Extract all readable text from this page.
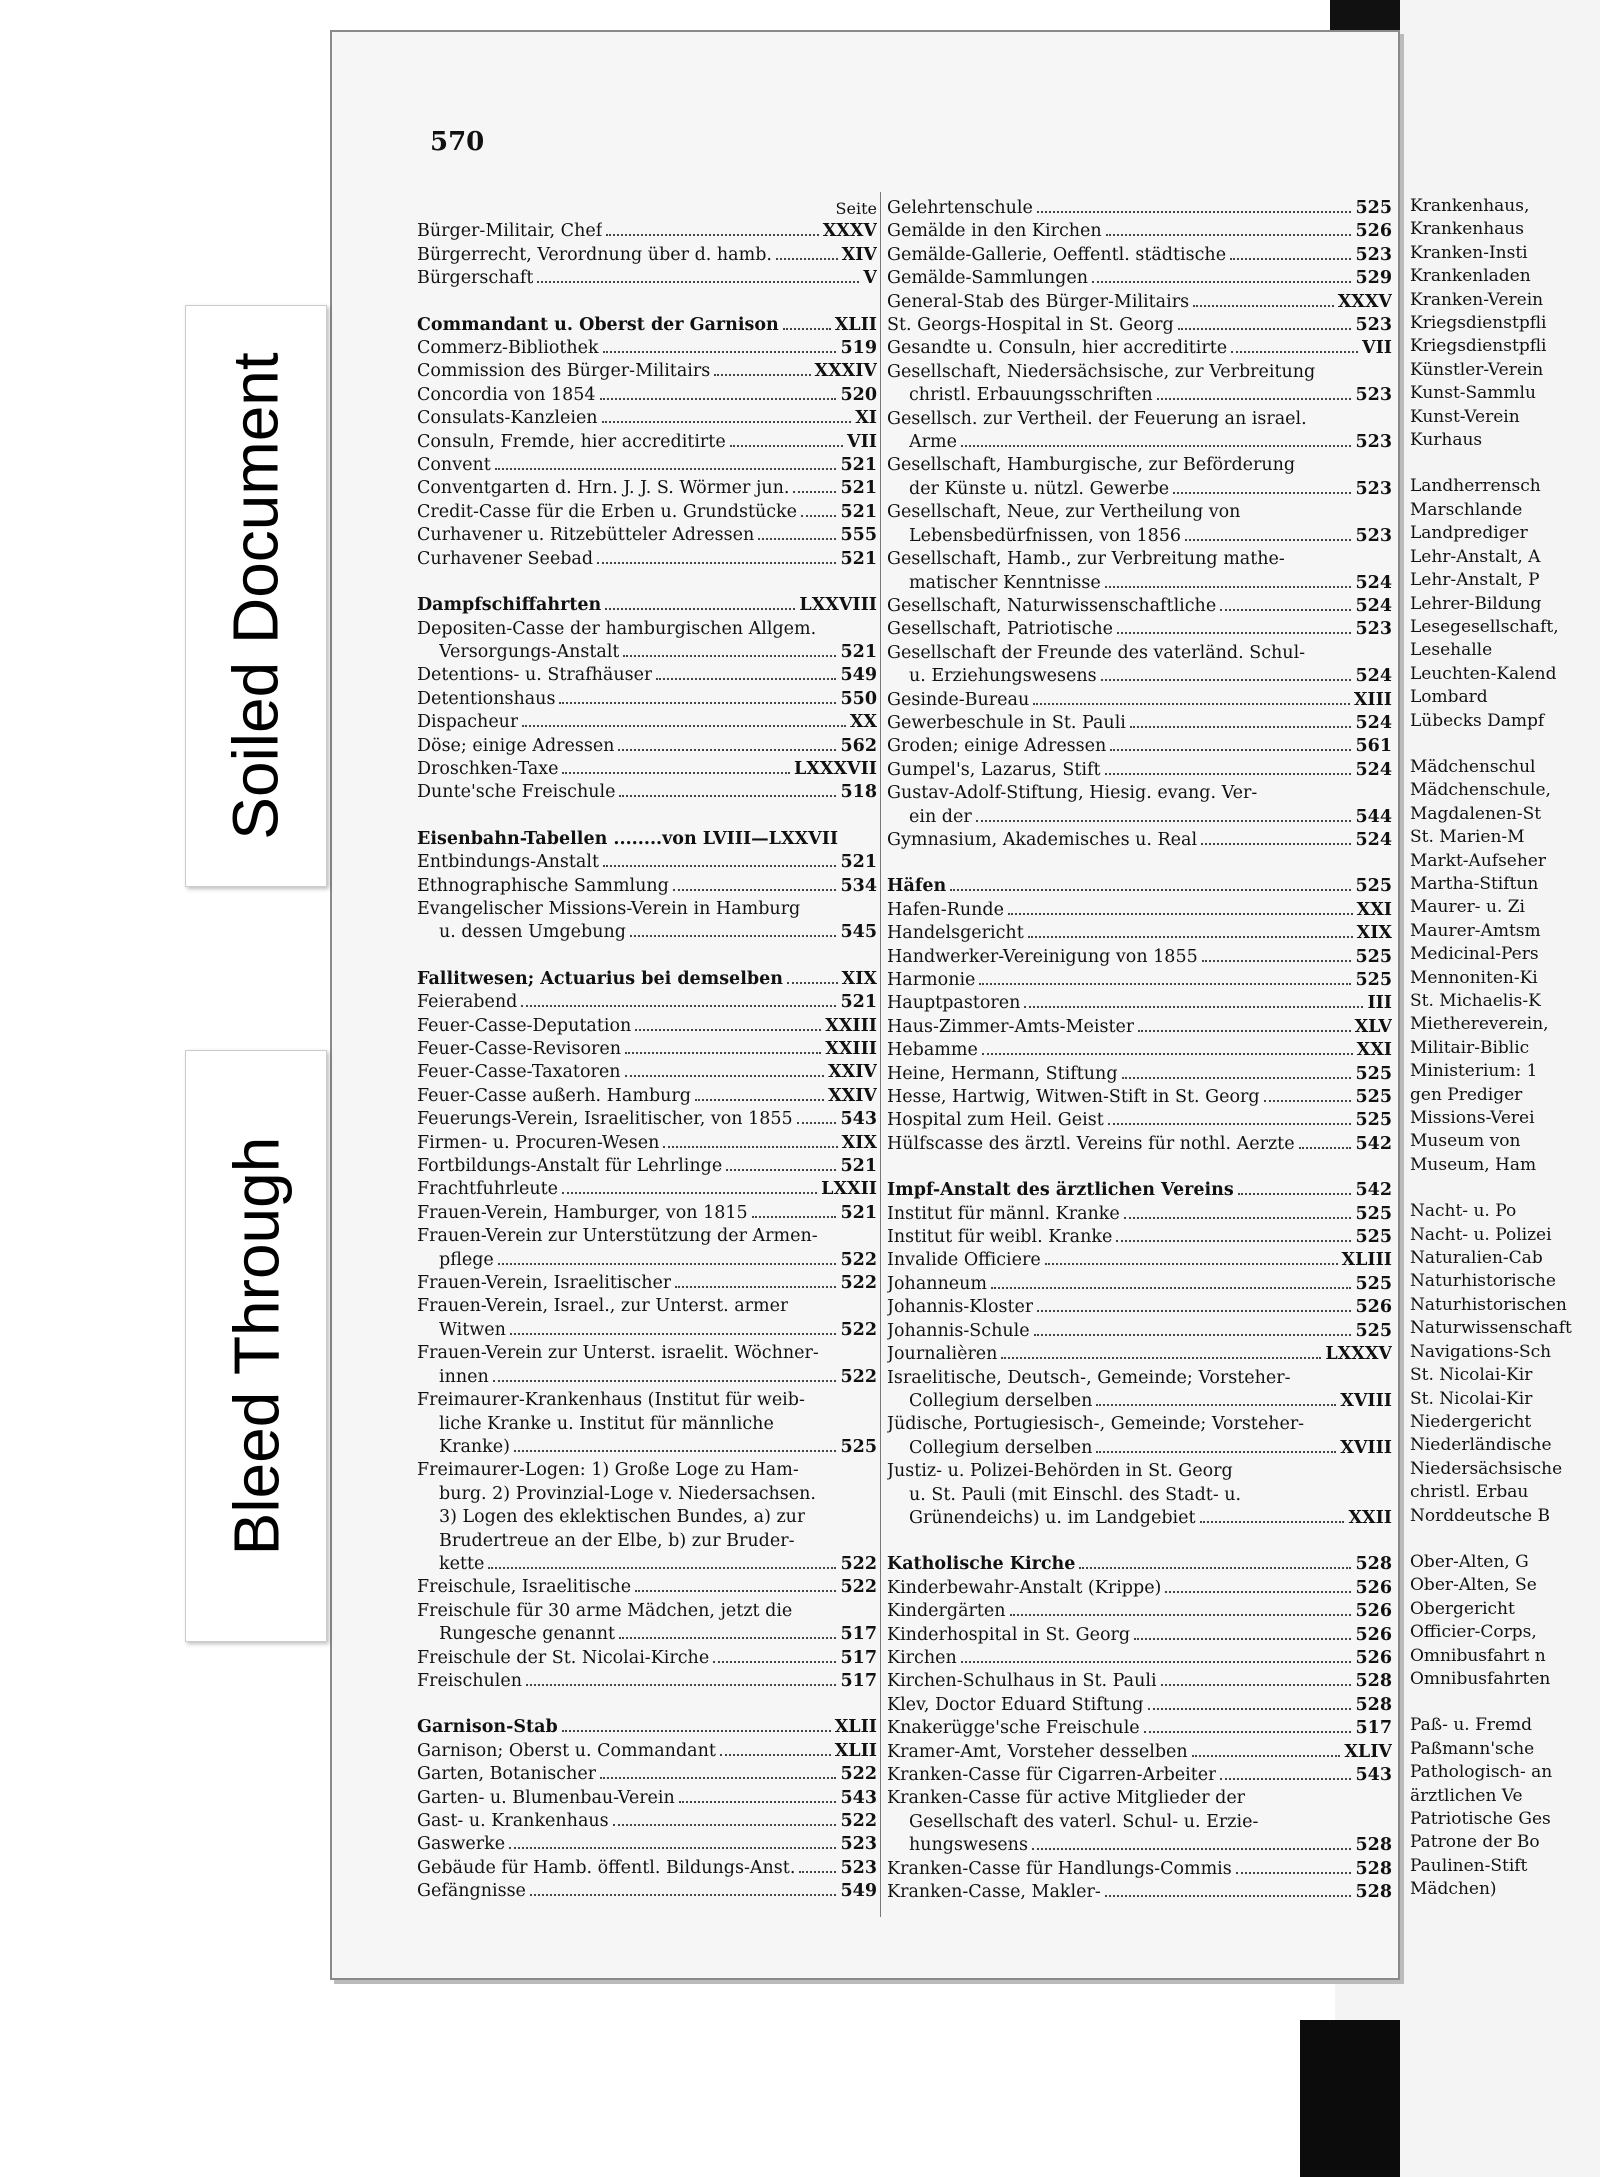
Krankenhaus,
Krankenhaus
Kranken-Insti
Krankenladen
Kranken-Verein
Kriegsdienstpfli
Kriegsdienstpfli
Künstler-Verein
Kunst-Sammlu
Kunst-Verein
Kurhaus
Landherrensch
Marschlande
Landprediger
Lehr-Anstalt, A
Lehr-Anstalt, P
Lehrer-Bildung
Lesegesellschaft,
Lesehalle
Leuchten-Kalend
Lombard
Lübecks Dampf
Mädchenschul
Mädchenschule,
Magdalenen-St
St. Marien-M
Markt-Aufseher
Martha-Stiftun
Maurer- u. Zi
Maurer-Amtsm
Medicinal-Pers
Mennoniten-Ki
St. Michaelis-K
Miethereverein,
Militair-Biblic
Ministerium: 1
gen Prediger
Missions-Verei
Museum von
Museum, Ham
Nacht- u. Po
Nacht- u. Polizei
Naturalien-Cab
Naturhistorische
Naturhistorischen
Naturwissenschaft
Navigations-Sch
St. Nicolai-Kir
St. Nicolai-Kir
Niedergericht
Niederländische
Niedersächsische
christl. Erbau
Norddeutsche B
Ober-Alten, G
Ober-Alten, Se
Obergericht
Officier-Corps,
Omnibusfahrt n
Omnibusfahrten
Paß- u. Fremd
Paßmann'sche
Pathologisch- an
ärztlichen Ve
Patriotische Ges
Patrone der Bo
Paulinen-Stift
Mädchen)
570
Seite
Bürger-Militair, Chef	XXXV
Bürgerrecht, Verordnung über d. hamb.	XIV
Bürgerschaft	V
Commandant u. Oberst der Garnison	XLII
Commerz-Bibliothek	519
Commission des Bürger-Militairs	XXXIV
Concordia von 1854	520
Consulats-Kanzleien	XI
Consuln, Fremde, hier accreditirte	VII
Convent	521
Conventgarten d. Hrn. J. J. S. Wörmer jun.	521
Credit-Casse für die Erben u. Grundstücke 521
Curhavener u. Ritzebütteler Adressen	555
Curhavener Seebad	521
Dampfschiffahrten	LXXVIII
Depositen-Casse der hamburgischen Allgem.
Versorgungs-Anstalt	521
Detentions- u. Strafhäuser	549
Detentionshaus	550
Dispacheur	XX
Döse; einige Adressen	562
Droschken-Taxe	LXXXVII
Dunte'sche Freischule	518
Eisenbahn-Tabellen ........von LVIII—LXXVII
Entbindungs-Anstalt	521
Ethnographische Sammlung	534
Evangelischer Missions-Verein in Hamburg
u. dessen Umgebung	545
Fallitwesen; Actuarius bei demselben	XIX
Feierabend	521
Feuer-Casse-Deputation	XXIII
Feuer-Casse-Revisoren	XXIII
Feuer-Casse-Taxatoren	XXIV
Feuer-Casse außerh. Hamburg	XXIV
Feuerungs-Verein, Israelitischer, von 1855	543
Firmen- u. Procuren-Wesen	XIX
Fortbildungs-Anstalt für Lehrlinge	521
Frachtfuhrleute	LXXII
Frauen-Verein, Hamburger, von 1815	521
Frauen-Verein zur Unterstützung der Armen-
pflege	522
Frauen-Verein, Israelitischer	522
Frauen-Verein, Israel., zur Unterst. armer
Witwen	522
Frauen-Verein zur Unterst. israelit. Wöchner-
innen	522
Freimaurer-Krankenhaus (Institut für weib-
liche Kranke u. Institut für männliche
Kranke)	525
Freimaurer-Logen: 1) Große Loge zu Ham-
burg. 2) Provinzial-Loge v. Niedersachsen.
3) Logen des eklektischen Bundes, a) zur
Brudertreue an der Elbe, b) zur Bruder-
kette	522
Freischule, Israelitische	522
Freischule für 30 arme Mädchen, jetzt die
Rungesche genannt	517
Freischule der St. Nicolai-Kirche	517
Freischulen	517
Garnison-Stab	XLII
Garnison; Oberst u. Commandant	XLII
Garten, Botanischer	522
Garten- u. Blumenbau-Verein	543
Gast- u. Krankenhaus	522
Gaswerke	523
Gebäude für Hamb. öffentl. Bildungs-Anst.	523
Gefängnisse	549
Gelehrtenschule	525
Gemälde in den Kirchen	526
Gemälde-Gallerie, Oeffentl. städtische	523
Gemälde-Sammlungen	529
General-Stab des Bürger-Militairs	XXXV
St. Georgs-Hospital in St. Georg	523
Gesandte u. Consuln, hier accreditirte	VII
Gesellschaft, Niedersächsische, zur Verbreitung
christl. Erbauungsschriften	523
Gesellsch. zur Vertheil. der Feuerung an israel.
Arme	523
Gesellschaft, Hamburgische, zur Beförderung
der Künste u. nützl. Gewerbe	523
Gesellschaft, Neue, zur Vertheilung von
Lebensbedürfnissen, von 1856	523
Gesellschaft, Hamb., zur Verbreitung mathe-
matischer Kenntnisse	524
Gesellschaft, Naturwissenschaftliche	524
Gesellschaft, Patriotische	523
Gesellschaft der Freunde des vaterländ. Schul-
u. Erziehungswesens	524
Gesinde-Bureau	XIII
Gewerbeschule in St. Pauli	524
Groden; einige Adressen	561
Gumpel's, Lazarus, Stift	524
Gustav-Adolf-Stiftung, Hiesig. evang. Ver-
ein der	544
Gymnasium, Akademisches u. Real	524
Häfen	525
Hafen-Runde	XXI
Handelsgericht	XIX
Handwerker-Vereinigung von 1855	525
Harmonie	525
Hauptpastoren	III
Haus-Zimmer-Amts-Meister	XLV
Hebamme	XXI
Heine, Hermann, Stiftung	525
Hesse, Hartwig, Witwen-Stift in St. Georg	525
Hospital zum Heil. Geist	525
Hülfscasse des ärztl. Vereins für nothl. Aerzte	542
Impf-Anstalt des ärztlichen Vereins	542
Institut für männl. Kranke	525
Institut für weibl. Kranke	525
Invalide Officiere	XLIII
Johanneum	525
Johannis-Kloster	526
Johannis-Schule	525
Journalièren	LXXXV
Israelitische, Deutsch-, Gemeinde; Vorsteher-
Collegium derselben	XVIII
Jüdische, Portugiesisch-, Gemeinde; Vorsteher-
Collegium derselben	XVIII
Justiz- u. Polizei-Behörden in St. Georg
u. St. Pauli (mit Einschl. des Stadt- u.
Grünendeichs) u. im Landgebiet	XXII
Katholische Kirche	528
Kinderbewahr-Anstalt (Krippe)	526
Kindergärten	526
Kinderhospital in St. Georg	526
Kirchen	526
Kirchen-Schulhaus in St. Pauli	528
Klev, Doctor Eduard Stiftung	528
Knakerügge'sche Freischule	517
Kramer-Amt, Vorsteher desselben	XLIV
Kranken-Casse für Cigarren-Arbeiter	543
Kranken-Casse für active Mitglieder der
Gesellschaft des vaterl. Schul- u. Erzie-
hungswesens	528
Kranken-Casse für Handlungs-Commis	528
Kranken-Casse, Makler-	528
Soiled Document
Bleed Through
